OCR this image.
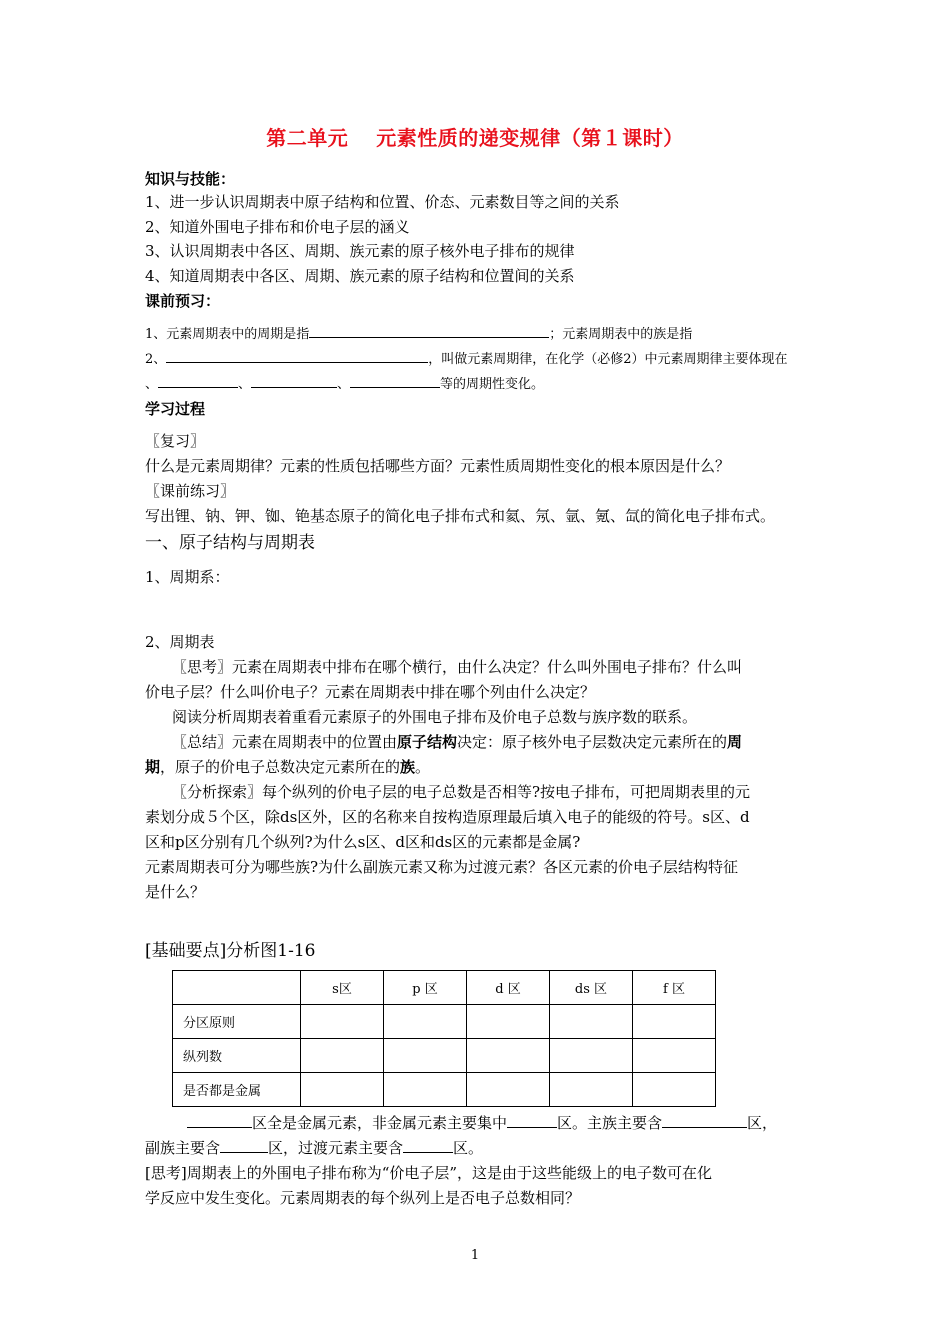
第二单元　 元素性质的递变规律（第１课时）
知识与技能：
1、进一步认识周期表中原子结构和位置、价态、元素数目等之间的关系
2、知道外围电子排布和价电子层的涵义
3、认识周期表中各区、周期、族元素的原子核外电子排布的规律
4、知道周期表中各区、周期、族元素的原子结构和位置间的关系
课前预习：
1、元素周期表中的周期是指	；元素周期表中的族是指
2、	，叫做元素周期律，在化学（必修2）中元素周期律主要体现在
、	、	、	等的周期性变化。
学习过程
〖复习〗
什么是元素周期律？元素的性质包括哪些方面？元素性质周期性变化的根本原因是什么？
〖课前练习〗
写出锂、钠、钾、铷、铯基态原子的简化电子排布式和氦、氖、氩、氪、氙的简化电子排布式。
一、原子结构与周期表
1、周期系：
2、周期表
〖思考〗元素在周期表中排布在哪个横行，由什么决定？什么叫外围电子排布？什么叫
价电子层？什么叫价电子？元素在周期表中排在哪个列由什么决定？
阅读分析周期表着重看元素原子的外围电子排布及价电子总数与族序数的联系。
〖总结〗元素在周期表中的位置由原子结构决定：原子核外电子层数决定元素所在的周
期，原子的价电子总数决定元素所在的族。
〖分析探索〗每个纵列的价电子层的电子总数是否相等?按电子排布，可把周期表里的元
素划分成５个区，除ds区外，区的名称来自按构造原理最后填入电子的能级的符号。s区、d
区和p区分别有几个纵列?为什么s区、d区和ds区的元素都是金属?
元素周期表可分为哪些族?为什么副族元素又称为过渡元素？各区元素的价电子层结构特征
是什么？
[基础要点]分析图1-16
	s区	p 区	d 区	ds 区	f 区
分区原则					
纵列数					
是否都是金属					
区全是金属元素，非金属元素主要集中	区。主族主要含	区，
副族主要含	区，过渡元素主要含	区。
[思考]周期表上的外围电子排布称为“价电子层”，这是由于这些能级上的电子数可在化
学反应中发生变化。元素周期表的每个纵列上是否电子总数相同？
1
